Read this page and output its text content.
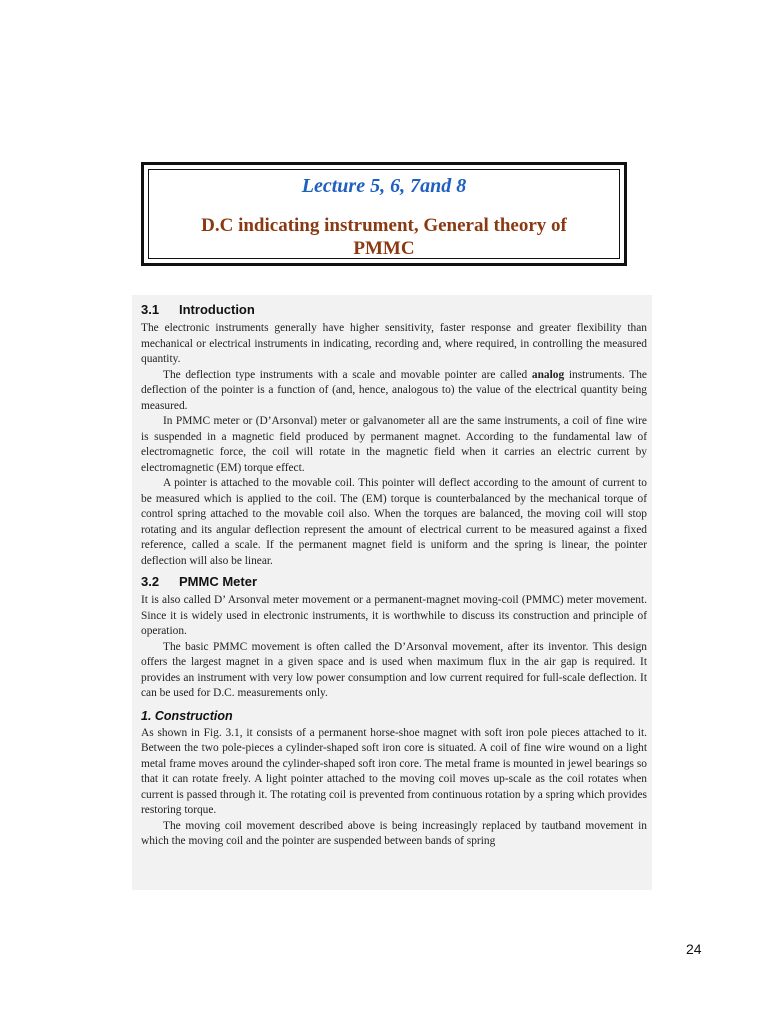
Lecture 5, 6, 7and 8
D.C indicating instrument, General theory of
PMMC
3.1 Introduction

The electronic instruments generally have higher sensitivity, faster response and greater flexibility than mechanical or electrical instruments in indicating, recording and, where required, in controlling the measured quantity.

The deflection type instruments with a scale and movable pointer are called analog instruments. The deflection of the pointer is a function of (and, hence, analogous to) the value of the electrical quantity being measured.

In PMMC meter or (D’Arsonval) meter or galvanometer all are the same instruments, a coil of fine wire is suspended in a magnetic field produced by permanent magnet. According to the fundamental law of electromagnetic force, the coil will rotate in the magnetic field when it carries an electric current by electromagnetic (EM) torque effect.

A pointer is attached to the movable coil. This pointer will deflect according to the amount of current to be measured which is applied to the coil. The (EM) torque is counterbalanced by the mechanical torque of control spring attached to the movable coil also. When the torques are balanced, the moving coil will stop rotating and its angular deflection represent the amount of electrical current to be measured against a fixed reference, called a scale. If the permanent magnet field is uniform and the spring is linear, the pointer deflection will also be linear.

3.2 PMMC Meter

It is also called D’ Arsonval meter movement or a permanent-magnet moving-coil (PMMC) meter movement. Since it is widely used in electronic instruments, it is worthwhile to discuss its construction and principle of operation.

The basic PMMC movement is often called the D’Arsonval movement, after its inventor. This design offers the largest magnet in a given space and is used when maximum flux in the air gap is required. It provides an instrument with very low power consumption and low current required for full-scale deflection. It can be used for D.C. measurements only.

1. Construction

As shown in Fig. 3.1, it consists of a permanent horse-shoe magnet with soft iron pole pieces attached to it. Between the two pole-pieces a cylinder-shaped soft iron core is situated. A coil of fine wire wound on a light metal frame moves around the cylinder-shaped soft iron core. The metal frame is mounted in jewel bearings so that it can rotate freely. A light pointer attached to the moving coil moves up-scale as the coil rotates when current is passed through it. The rotating coil is prevented from continuous rotation by a spring which provides restoring torque.

The moving coil movement described above is being increasingly replaced by tautband movement in which the moving coil and the pointer are suspended between bands of spring

24
